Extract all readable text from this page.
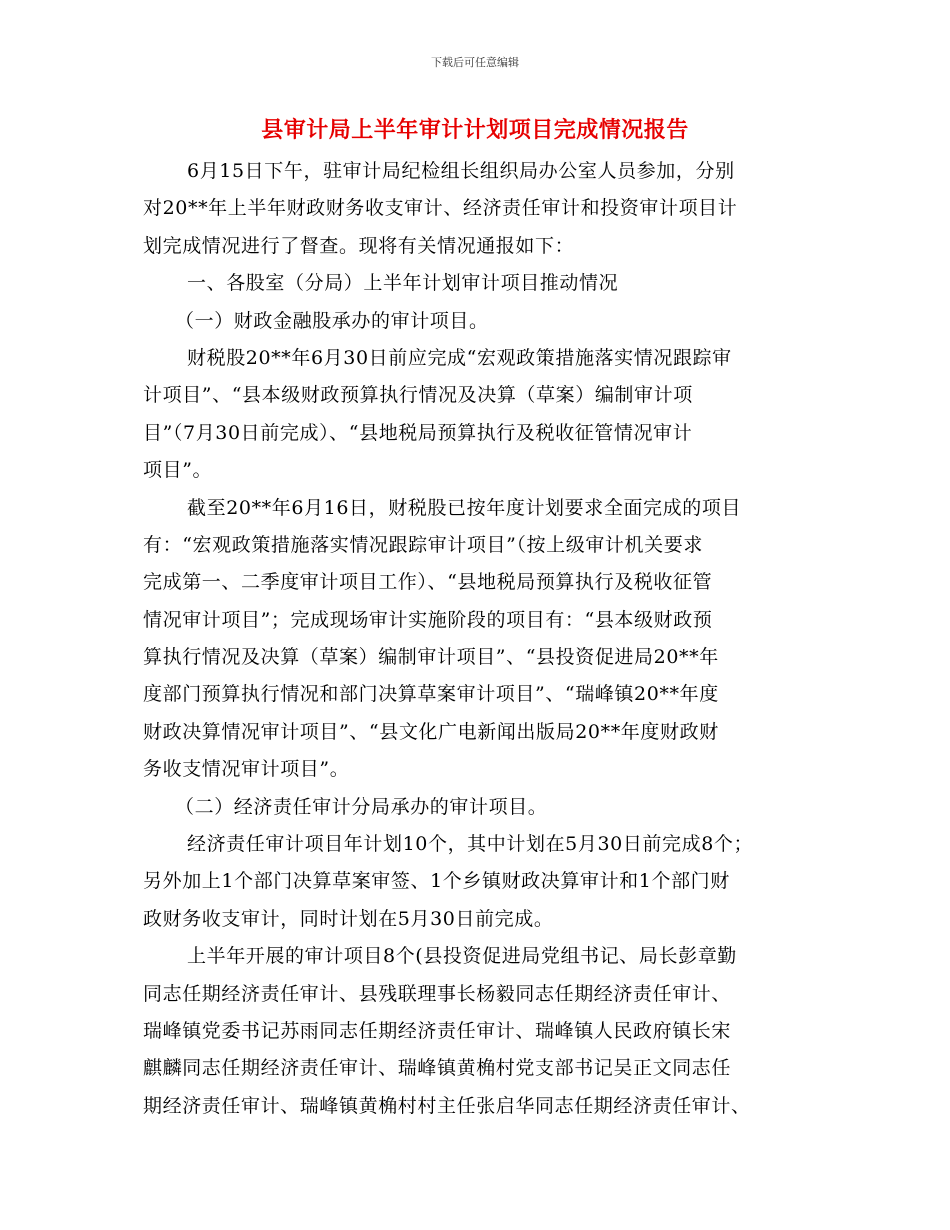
下载后可任意编辑
县审计局上半年审计计划项目完成情况报告
6月15日下午，驻审计局纪检组长组织局办公室人员参加，分别
对20**年上半年财政财务收支审计、经济责任审计和投资审计项目计
划完成情况进行了督查。现将有关情况通报如下：
一、各股室（分局）上半年计划审计项目推动情况
（一）财政金融股承办的审计项目。
财税股20**年6月30日前应完成“宏观政策措施落实情况跟踪审
计项目”、“县本级财政预算执行情况及决算（草案）编制审计项
目”（7月30日前完成）、“县地税局预算执行及税收征管情况审计
项目”。
截至20**年6月16日，财税股已按年度计划要求全面完成的项目
有：“宏观政策措施落实情况跟踪审计项目”（按上级审计机关要求
完成第一、二季度审计项目工作）、“县地税局预算执行及税收征管
情况审计项目”；完成现场审计实施阶段的项目有：“县本级财政预
算执行情况及决算（草案）编制审计项目”、“县投资促进局20**年
度部门预算执行情况和部门决算草案审计项目”、“瑞峰镇20**年度
财政决算情况审计项目”、“县文化广电新闻出版局20**年度财政财
务收支情况审计项目”。
（二）经济责任审计分局承办的审计项目。
经济责任审计项目年计划10个，其中计划在5月30日前完成8个；
另外加上1个部门决算草案审签、1个乡镇财政决算审计和1个部门财
政财务收支审计，同时计划在5月30日前完成。
上半年开展的审计项目8个(县投资促进局党组书记、局长彭章勤
同志任期经济责任审计、县残联理事长杨毅同志任期经济责任审计、
瑞峰镇党委书记苏雨同志任期经济责任审计、瑞峰镇人民政府镇长宋
麒麟同志任期经济责任审计、瑞峰镇黄桷村党支部书记吴正文同志任
期经济责任审计、瑞峰镇黄桷村村主任张启华同志任期经济责任审计、
